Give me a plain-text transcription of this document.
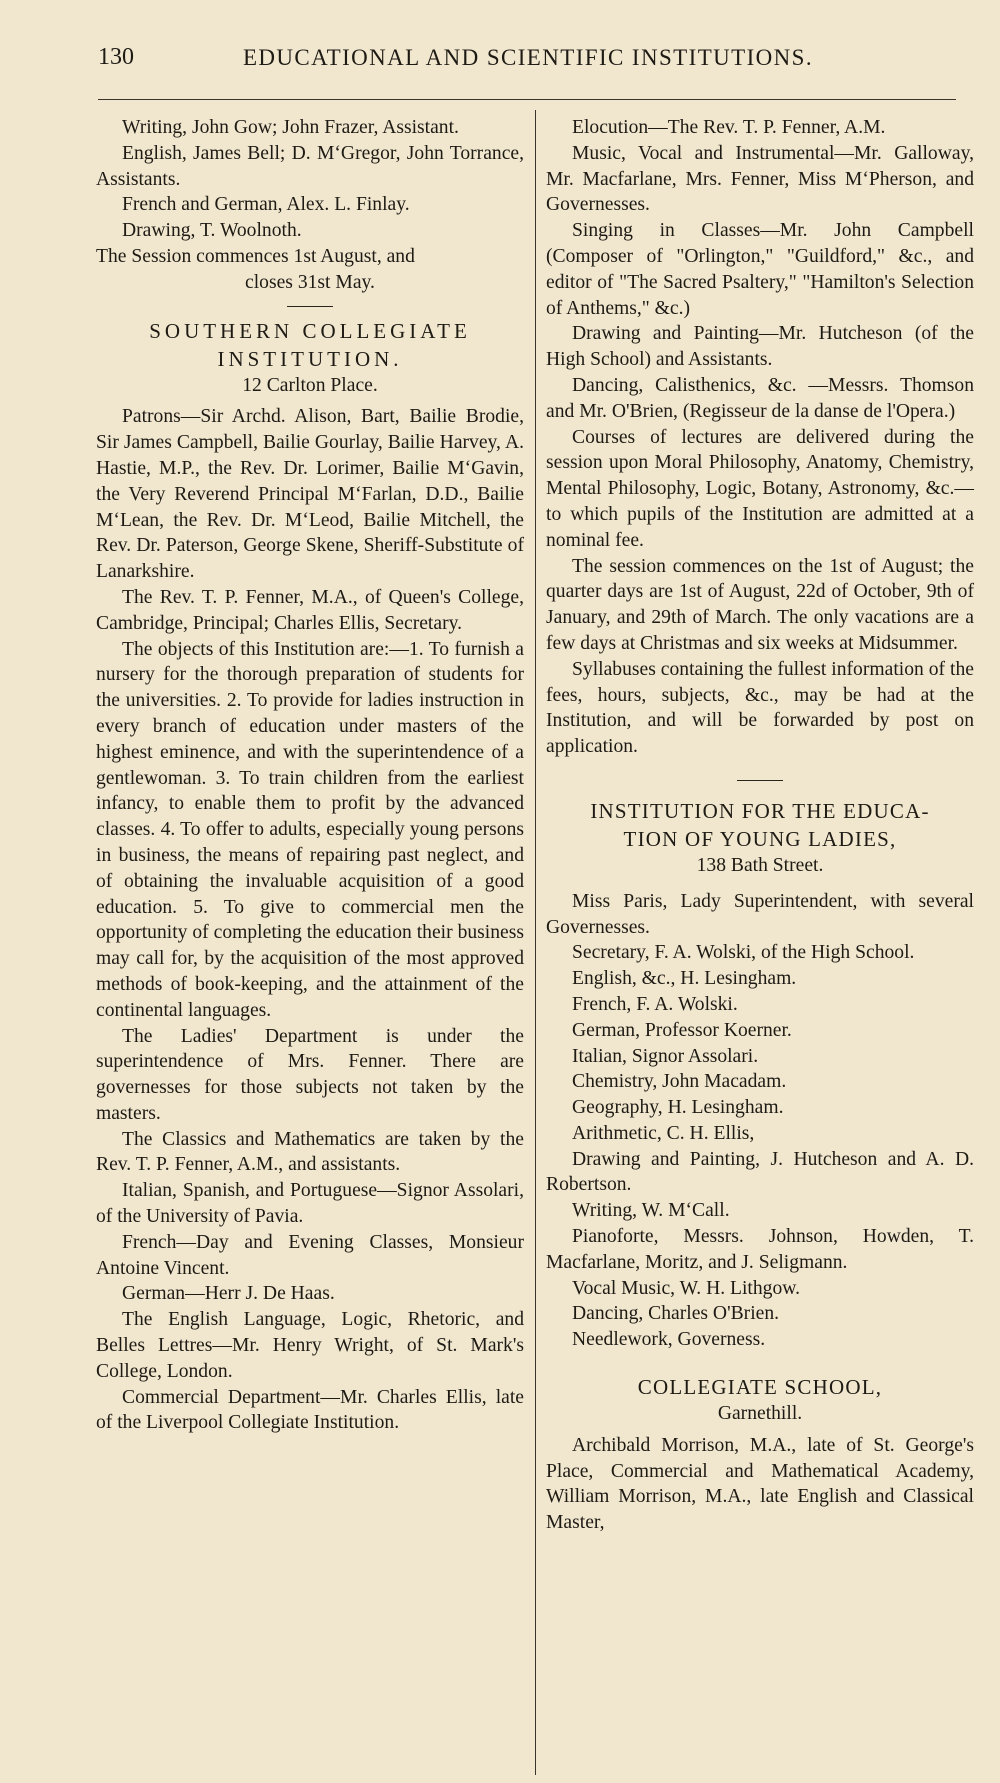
130	EDUCATIONAL AND SCIENTIFIC INSTITUTIONS.

Writing, John Gow; John Frazer, Assistant.

English, James Bell; D. M‘Gregor, John Torrance, Assistants.

French and German, Alex. L. Finlay.

Drawing, T. Woolnoth.

The Session commences 1st August, and

closes 31st May.

SOUTHERN COLLEGIATE
INSTITUTION.

12 Carlton Place.

Patrons—Sir Archd. Alison, Bart, Bailie Brodie, Sir James Campbell, Bailie Gourlay, Bailie Harvey, A. Hastie, M.P., the Rev. Dr. Lorimer, Bailie M‘Gavin, the Very Reverend Principal M‘Farlan, D.D., Bailie M‘Lean, the Rev. Dr. M‘Leod, Bailie Mitchell, the Rev. Dr. Paterson, George Skene, Sheriff-Substitute of Lanarkshire.

The Rev. T. P. Fenner, M.A., of Queen's College, Cambridge, Principal; Charles Ellis, Secretary.

The objects of this Institution are:—1. To furnish a nursery for the thorough preparation of students for the universities. 2. To provide for ladies instruction in every branch of education under masters of the highest eminence, and with the superintendence of a gentlewoman. 3. To train children from the earliest infancy, to enable them to profit by the advanced classes. 4. To offer to adults, especially young persons in business, the means of repairing past neglect, and of obtaining the invaluable acquisition of a good education. 5. To give to commercial men the opportunity of completing the education their business may call for, by the acquisition of the most approved methods of book-keeping, and the attainment of the continental languages.

The Ladies' Department is under the superintendence of Mrs. Fenner. There are governesses for those subjects not taken by the masters.

The Classics and Mathematics are taken by the Rev. T. P. Fenner, A.M., and assistants.

Italian, Spanish, and Portuguese—Signor Assolari, of the University of Pavia.

French—Day and Evening Classes, Monsieur Antoine Vincent.

German—Herr J. De Haas.

The English Language, Logic, Rhetoric, and Belles Lettres—Mr. Henry Wright, of St. Mark's College, London.

Commercial Department—Mr. Charles Ellis, late of the Liverpool Collegiate Institution.

Elocution—The Rev. T. P. Fenner, A.M.

Music, Vocal and Instrumental—Mr. Galloway, Mr. Macfarlane, Mrs. Fenner, Miss M‘Pherson, and Governesses.

Singing in Classes—Mr. John Campbell (Composer of "Orlington," "Guildford," &c., and editor of "The Sacred Psaltery," "Hamilton's Selection of Anthems," &c.)

Drawing and Painting—Mr. Hutcheson (of the High School) and Assistants.

Dancing, Calisthenics, &c. —Messrs. Thomson and Mr. O'Brien, (Regisseur de la danse de l'Opera.)

Courses of lectures are delivered during the session upon Moral Philosophy, Anatomy, Chemistry, Mental Philosophy, Logic, Botany, Astronomy, &c.—to which pupils of the Institution are admitted at a nominal fee.

The session commences on the 1st of August; the quarter days are 1st of August, 22d of October, 9th of January, and 29th of March. The only vacations are a few days at Christmas and six weeks at Midsummer.

Syllabuses containing the fullest information of the fees, hours, subjects, &c., may be had at the Institution, and will be forwarded by post on application.

INSTITUTION FOR THE EDUCA-
TION OF YOUNG LADIES,

138 Bath Street.

Miss Paris, Lady Superintendent, with several Governesses.

Secretary, F. A. Wolski, of the High School.

English, &c., H. Lesingham.

French, F. A. Wolski.

German, Professor Koerner.

Italian, Signor Assolari.

Chemistry, John Macadam.

Geography, H. Lesingham.

Arithmetic, C. H. Ellis,

Drawing and Painting, J. Hutcheson and A. D. Robertson.

Writing, W. M‘Call.

Pianoforte, Messrs. Johnson, Howden, T. Macfarlane, Moritz, and J. Seligmann.

Vocal Music, W. H. Lithgow.

Dancing, Charles O'Brien.

Needlework, Governess.

COLLEGIATE SCHOOL,

Garnethill.

Archibald Morrison, M.A., late of St. George's Place, Commercial and Mathematical Academy, William Morrison, M.A., late English and Classical Master,
